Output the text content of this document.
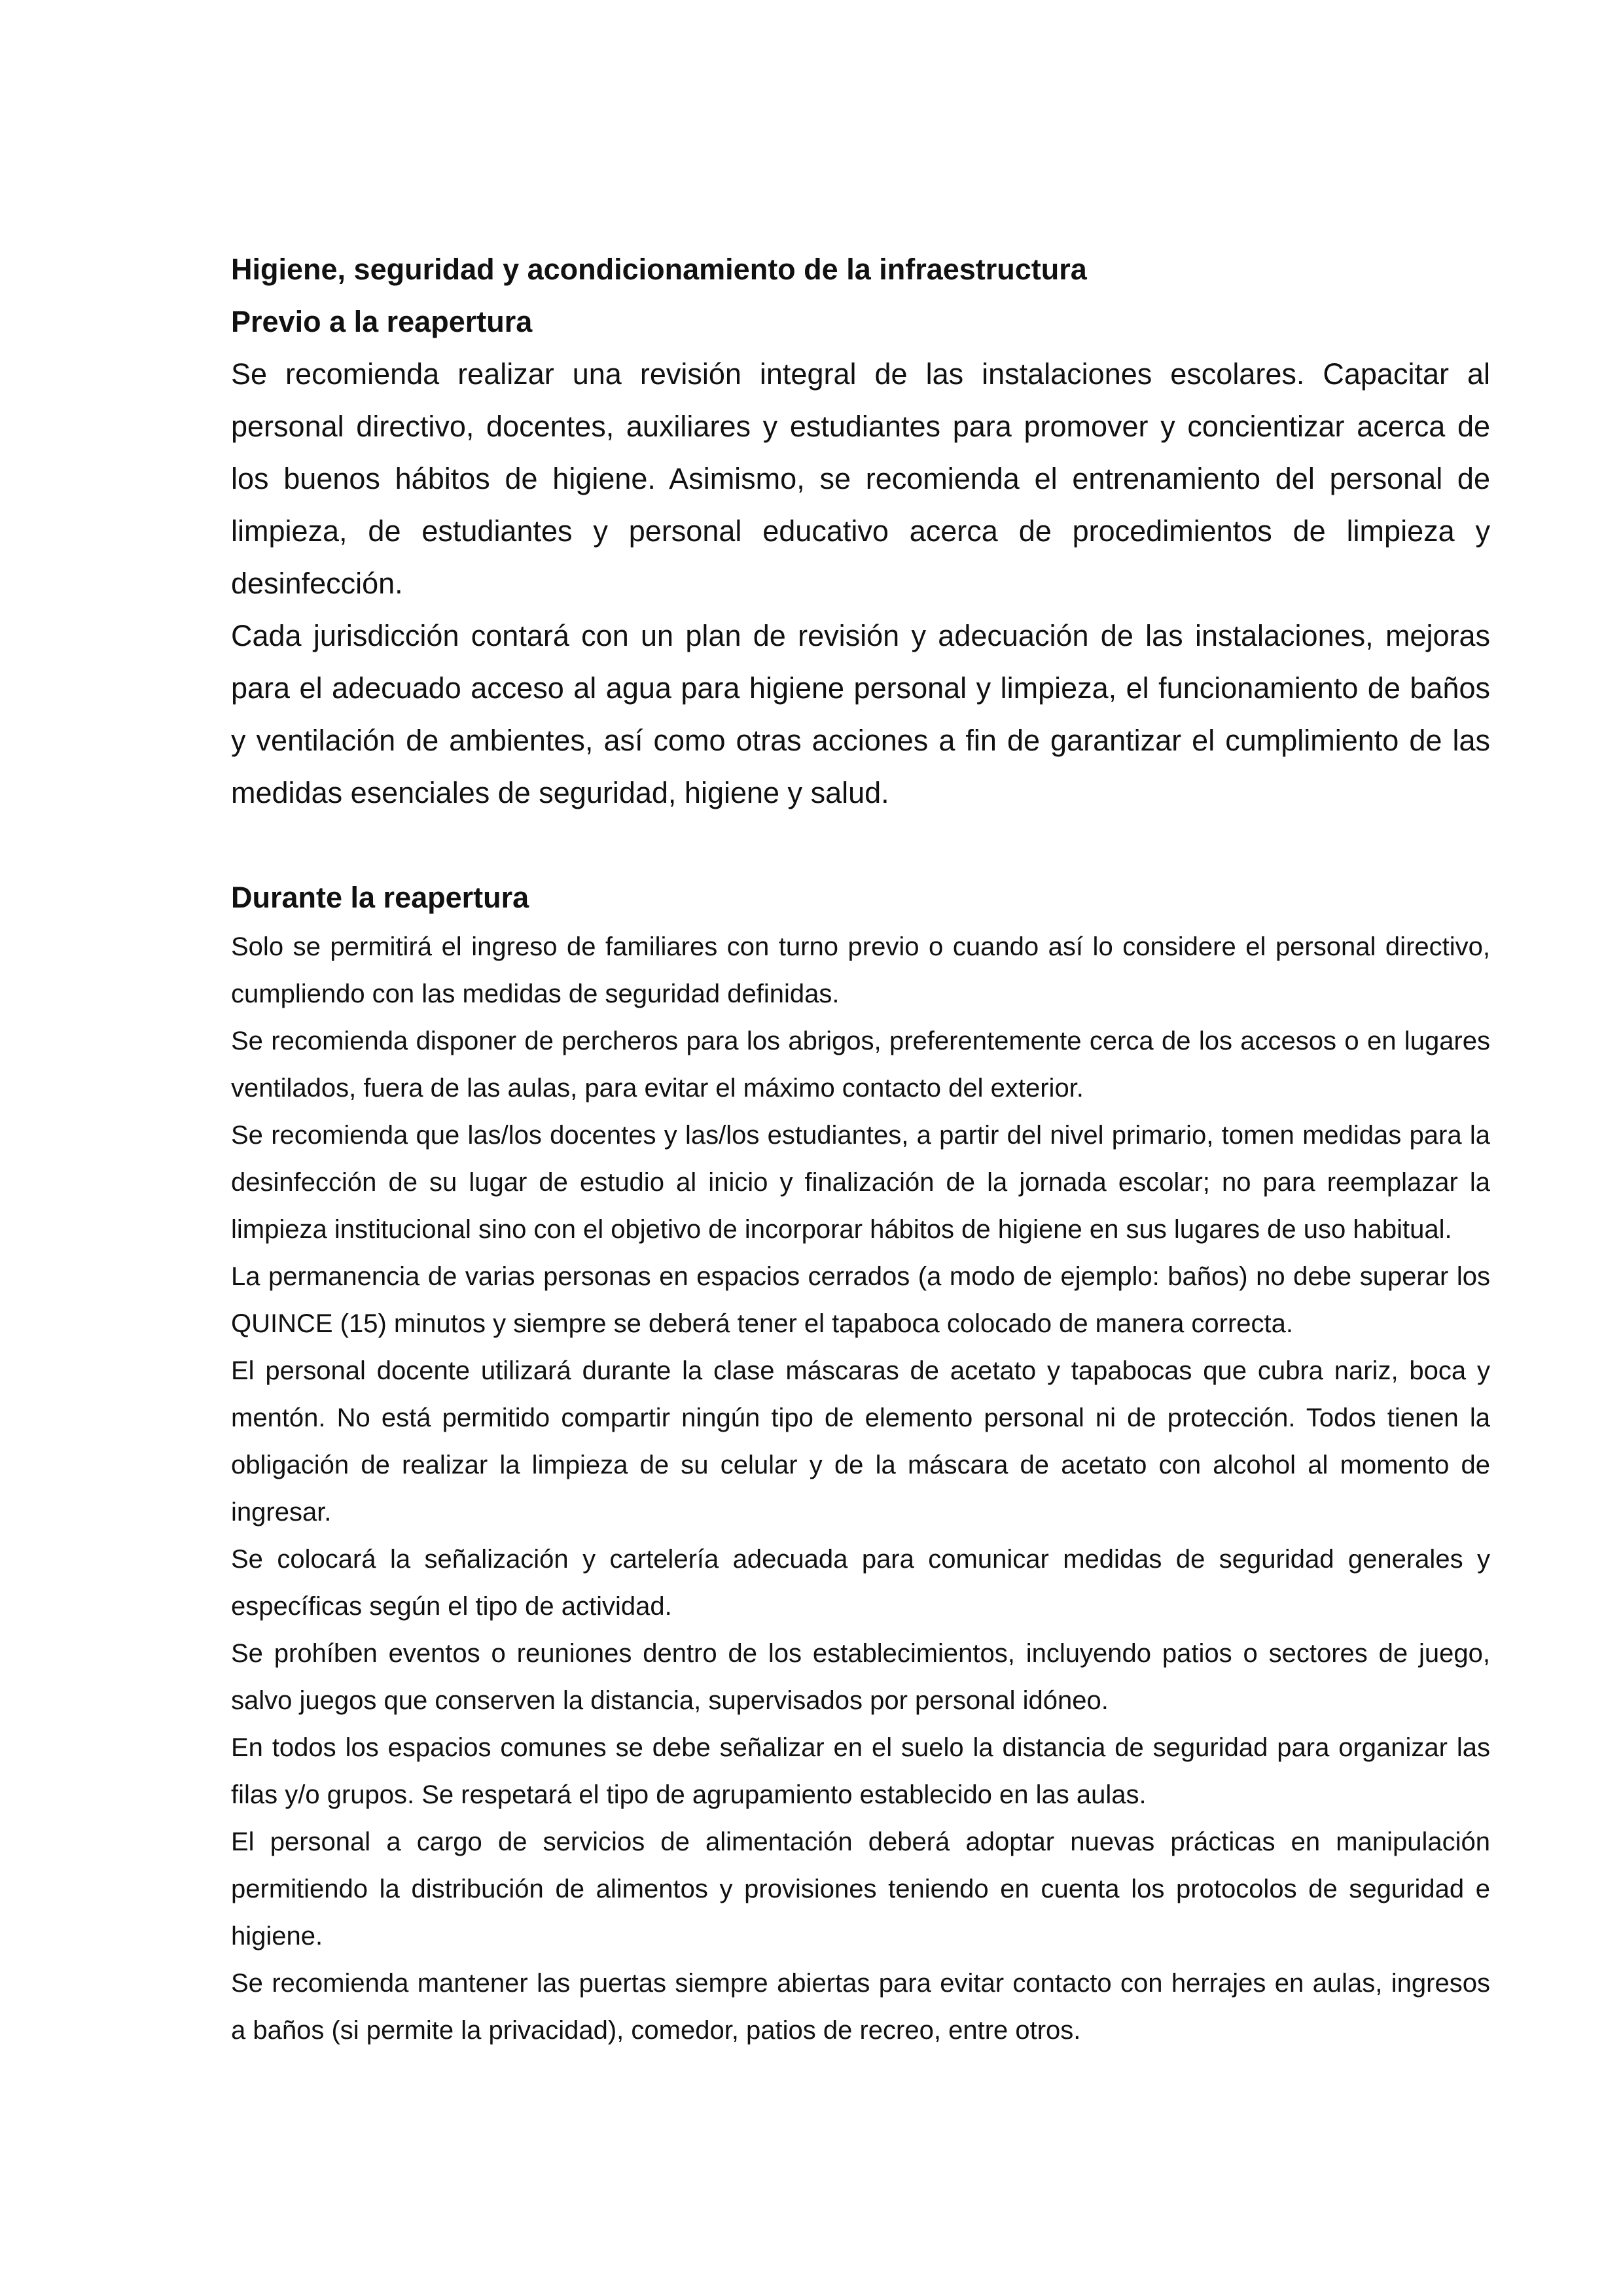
Higiene, seguridad y acondicionamiento de la infraestructura
Previo a la reapertura

Se recomienda realizar una revisión integral de las instalaciones escolares. Capacitar al personal directivo, docentes, auxiliares y estudiantes para promover y concientizar acerca de los buenos hábitos de higiene. Asimismo, se recomienda el entrenamiento del personal de limpieza, de estudiantes y personal educativo acerca de procedimientos de limpieza y desinfección.

Cada jurisdicción contará con un plan de revisión y adecuación de las instalaciones, mejoras para el adecuado acceso al agua para higiene personal y limpieza, el funcionamiento de baños y ventilación de ambientes, así como otras acciones a fin de garantizar el cumplimiento de las medidas esenciales de seguridad, higiene y salud.

Durante la reapertura

Solo se permitirá el ingreso de familiares con turno previo o cuando así lo considere el personal directivo, cumpliendo con las medidas de seguridad definidas.

Se recomienda disponer de percheros para los abrigos, preferentemente cerca de los accesos o en lugares ventilados, fuera de las aulas, para evitar el máximo contacto del exterior.

Se recomienda que las/los docentes y las/los estudiantes, a partir del nivel primario, tomen medidas para la desinfección de su lugar de estudio al inicio y finalización de la jornada escolar; no para reemplazar la limpieza institucional sino con el objetivo de incorporar hábitos de higiene en sus lugares de uso habitual.

La permanencia de varias personas en espacios cerrados (a modo de ejemplo: baños) no debe superar los QUINCE (15) minutos y siempre se deberá tener el tapaboca colocado de manera correcta.

El personal docente utilizará durante la clase máscaras de acetato y tapabocas que cubra nariz, boca y mentón. No está permitido compartir ningún tipo de elemento personal ni de protección. Todos tienen la obligación de realizar la limpieza de su celular y de la máscara de acetato con alcohol al momento de ingresar.

Se colocará la señalización y cartelería adecuada para comunicar medidas de seguridad generales y específicas según el tipo de actividad.

Se prohíben eventos o reuniones dentro de los establecimientos, incluyendo patios o sectores de juego, salvo juegos que conserven la distancia, supervisados por personal idóneo.

En todos los espacios comunes se debe señalizar en el suelo la distancia de seguridad para organizar las filas y/o grupos. Se respetará el tipo de agrupamiento establecido en las aulas.

El personal a cargo de servicios de alimentación deberá adoptar nuevas prácticas en manipulación permitiendo la distribución de alimentos y provisiones teniendo en cuenta los protocolos de seguridad e higiene.

Se recomienda mantener las puertas siempre abiertas para evitar contacto con herrajes en aulas, ingresos a baños (si permite la privacidad), comedor, patios de recreo, entre otros.
